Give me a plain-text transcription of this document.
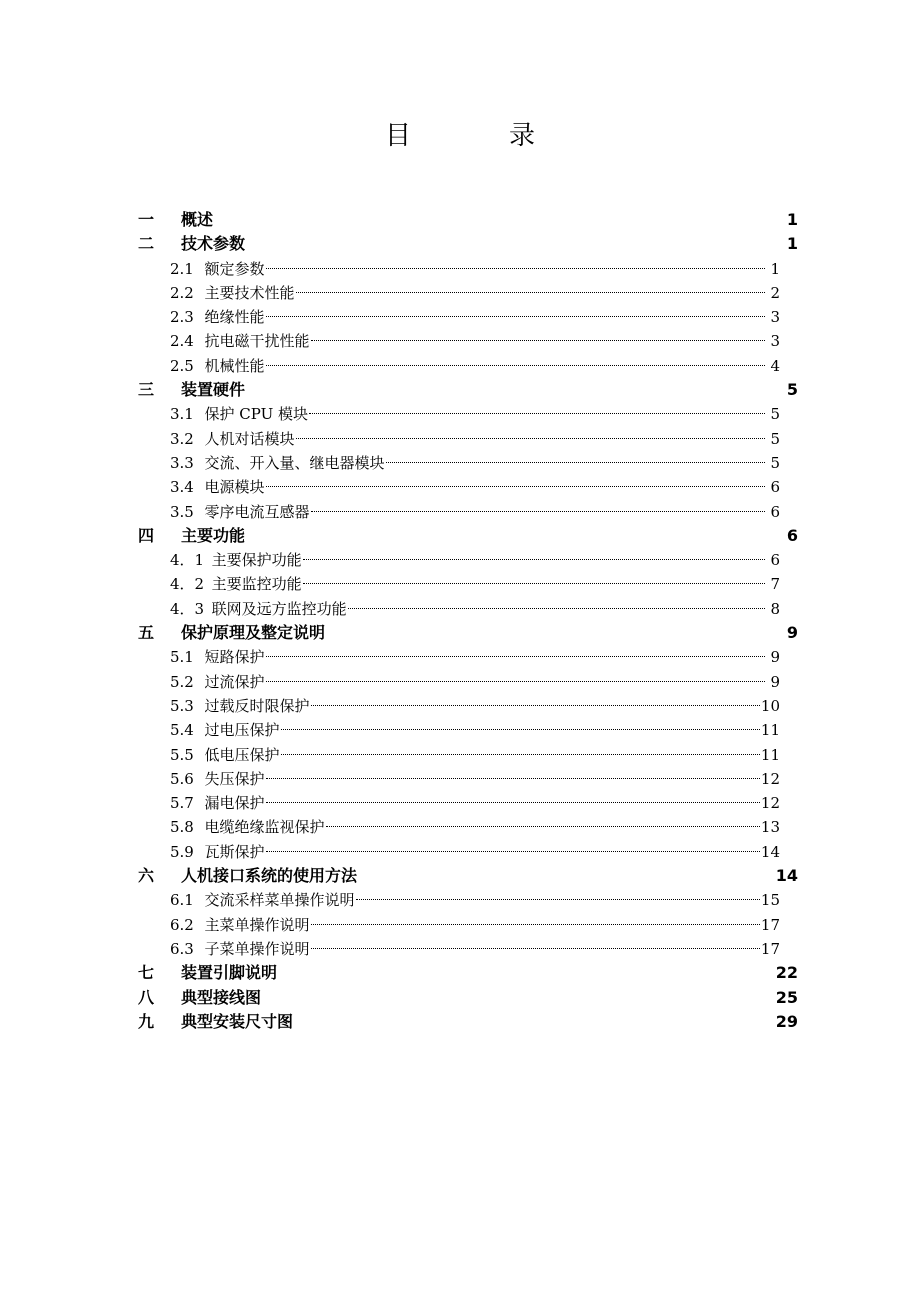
目　录
一  概述	1
二  技术参数	1
2.1  额定参数	1
2.2  主要技术性能	2
2.3  绝缘性能	3
2.4  抗电磁干扰性能	3
2.5  机械性能	4
三  装置硬件	5
3.1  保护 CPU 模块	5
3.2  人机对话模块	5
3.3  交流、开入量、继电器模块	5
3.4  电源模块	6
3.5  零序电流互感器	6
四  主要功能	6
4．1  主要保护功能	6
4．2  主要监控功能	7
4．3  联网及远方监控功能	8
五  保护原理及整定说明	9
5.1  短路保护	9
5.2  过流保护	9
5.3  过载反时限保护	10
5.4  过电压保护	11
5.5  低电压保护	11
5.6  失压保护	12
5.7  漏电保护	12
5.8  电缆绝缘监视保护	13
5.9  瓦斯保护	14
六  人机接口系统的使用方法	14
6.1  交流采样菜单操作说明	15
6.2  主菜单操作说明	17
6.3  子菜单操作说明	17
七  装置引脚说明	22
八  典型接线图	25
九  典型安装尺寸图	29
